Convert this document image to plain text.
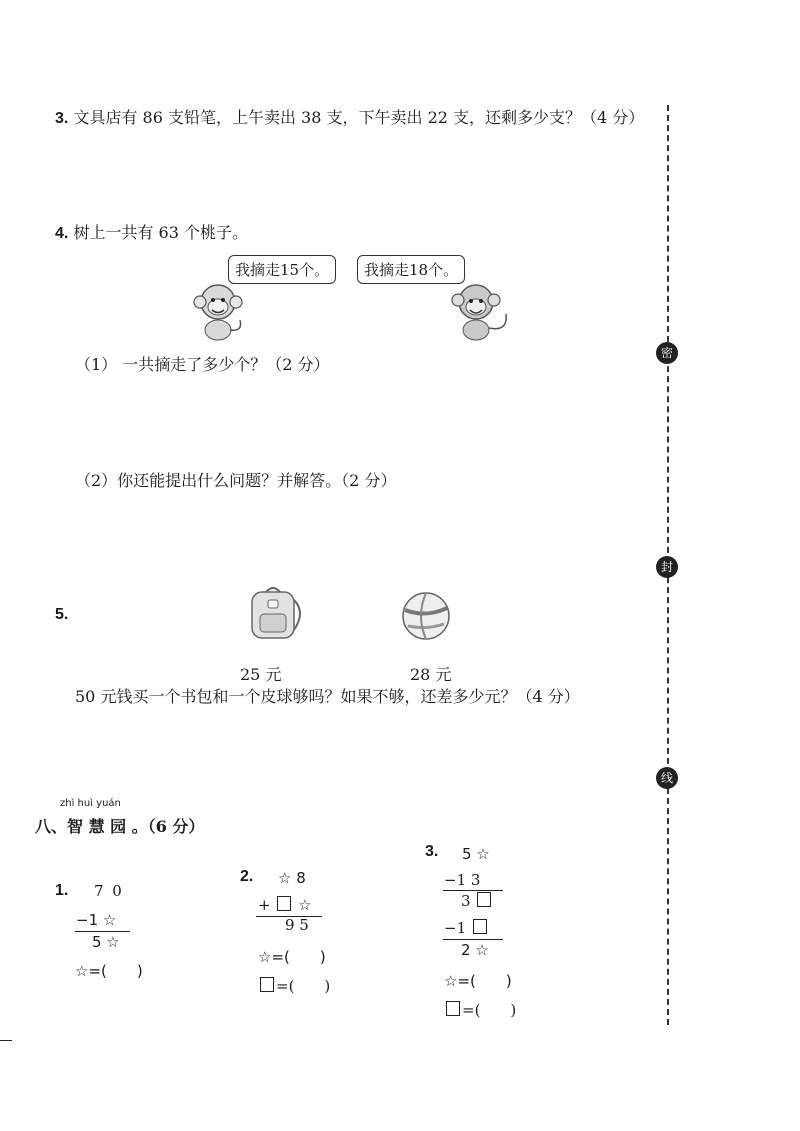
3. 文具店有 86 支铅笔，上午卖出 38 支，下午卖出 22 支，还剩多少支？（4 分）
4. 树上一共有 63 个桃子。
我摘走15个。	我摘走18个。
（1） 一共摘走了多少个？（2 分）
（2）你还能提出什么问题？并解答。（2 分）
5.
25 元	28 元
50 元钱买一个书包和一个皮球够吗？如果不够，还差多少元？（4 分）
zhì huì yuán
八、智 慧 园 。（6 分）
1. 7 0
−1 ☆
5 ☆
☆=(　　)
2. ☆ 8
+ ☆
9 5
☆=(　　)
=(　　)
3. 5 ☆
−1 3
3
−1
2 ☆
☆=(　　)
=(　　)
密
封
线
